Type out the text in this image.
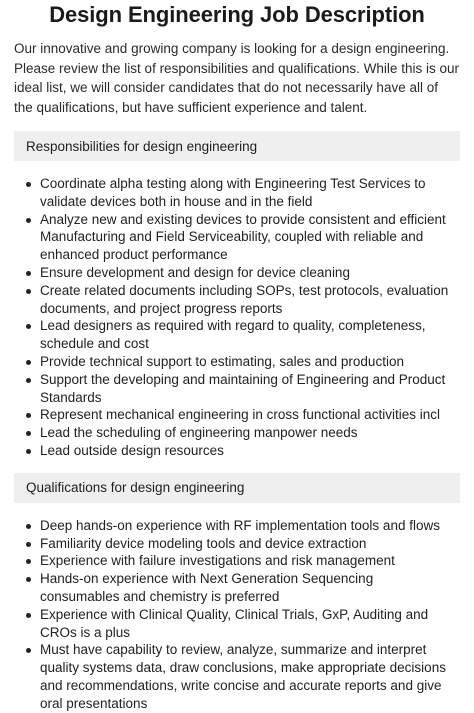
Design Engineering Job Description

Our innovative and growing company is looking for a design engineering. Please review the list of responsibilities and qualifications. While this is our ideal list, we will consider candidates that do not necessarily have all of the qualifications, but have sufficient experience and talent.

Responsibilities for design engineering
Coordinate alpha testing along with Engineering Test Services to validate devices both in house and in the field
Analyze new and existing devices to provide consistent and efficient Manufacturing and Field Serviceability, coupled with reliable and enhanced product performance
Ensure development and design for device cleaning
Create related documents including SOPs, test protocols, evaluation documents, and project progress reports
Lead designers as required with regard to quality, completeness, schedule and cost
Provide technical support to estimating, sales and production
Support the developing and maintaining of Engineering and Product Standards
Represent mechanical engineering in cross functional activities incl
Lead the scheduling of engineering manpower needs
Lead outside design resources
Qualifications for design engineering
Deep hands-on experience with RF implementation tools and flows
Familiarity device modeling tools and device extraction
Experience with failure investigations and risk management
Hands-on experience with Next Generation Sequencing consumables and chemistry is preferred
Experience with Clinical Quality, Clinical Trials, GxP, Auditing and CROs is a plus
Must have capability to review, analyze, summarize and interpret quality systems data, draw conclusions, make appropriate decisions and recommendations, write concise and accurate reports and give oral presentations
